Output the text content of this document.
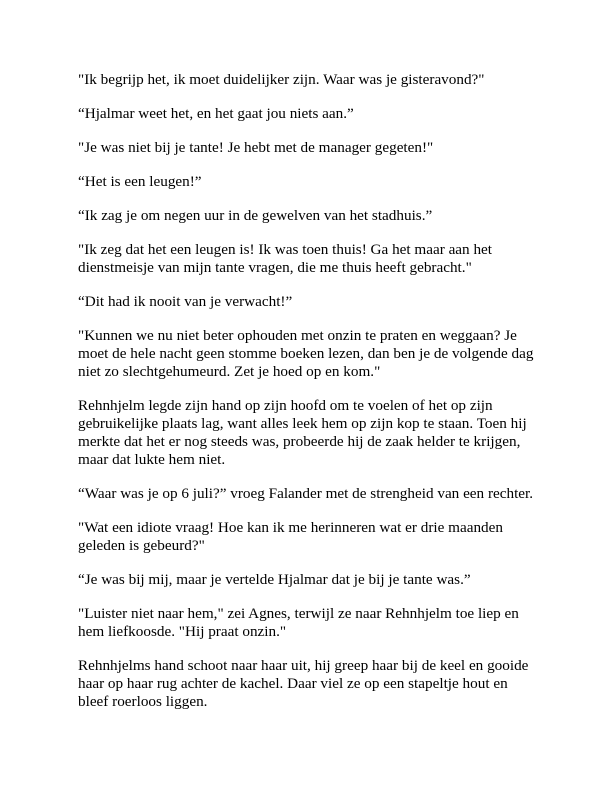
"Ik begrijp het, ik moet duidelijker zijn. Waar was je gisteravond?"

“Hjalmar weet het, en het gaat jou niets aan.”

"Je was niet bij je tante! Je hebt met de manager gegeten!"

“Het is een leugen!”

“Ik zag je om negen uur in de gewelven van het stadhuis.”

"Ik zeg dat het een leugen is! Ik was toen thuis! Ga het maar aan het dienstmeisje van mijn tante vragen, die me thuis heeft gebracht."

“Dit had ik nooit van je verwacht!”

"Kunnen we nu niet beter ophouden met onzin te praten en weggaan? Je moet de hele nacht geen stomme boeken lezen, dan ben je de volgende dag niet zo slechtgehumeurd. Zet je hoed op en kom."

Rehnhjelm legde zijn hand op zijn hoofd om te voelen of het op zijn gebruikelijke plaats lag, want alles leek hem op zijn kop te staan. Toen hij merkte dat het er nog steeds was, probeerde hij de zaak helder te krijgen, maar dat lukte hem niet.

“Waar was je op 6 juli?” vroeg Falander met de strengheid van een rechter.

"Wat een idiote vraag! Hoe kan ik me herinneren wat er drie maanden geleden is gebeurd?"

“Je was bij mij, maar je vertelde Hjalmar dat je bij je tante was.”

"Luister niet naar hem," zei Agnes, terwijl ze naar Rehnhjelm toe liep en hem liefkoosde. "Hij praat onzin."

Rehnhjelms hand schoot naar haar uit, hij greep haar bij de keel en gooide haar op haar rug achter de kachel. Daar viel ze op een stapeltje hout en bleef roerloos liggen.
